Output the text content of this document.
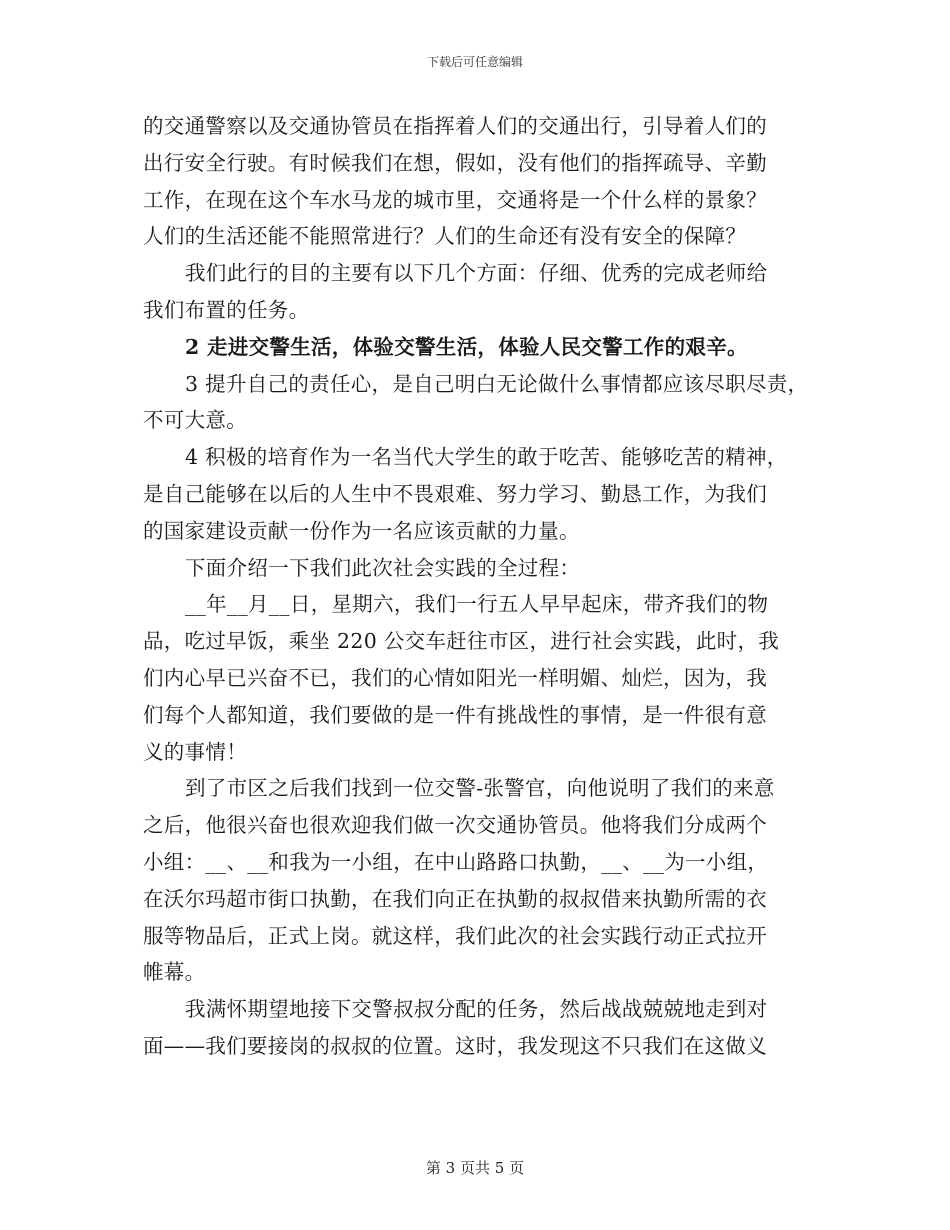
下载后可任意编辑
的交通警察以及交通协管员在指挥着人们的交通出行，引导着人们的
出行安全行驶。有时候我们在想，假如，没有他们的指挥疏导、辛勤
工作，在现在这个车水马龙的城市里，交通将是一个什么样的景象？
人们的生活还能不能照常进行？人们的生命还有没有安全的保障？
我们此行的目的主要有以下几个方面：仔细、优秀的完成老师给
我们布置的任务。
2 走进交警生活，体验交警生活，体验人民交警工作的艰辛。
3 提升自己的责任心，是自己明白无论做什么事情都应该尽职尽责，
不可大意。
4 积极的培育作为一名当代大学生的敢于吃苦、能够吃苦的精神，
是自己能够在以后的人生中不畏艰难、努力学习、勤恳工作，为我们
的国家建设贡献一份作为一名应该贡献的力量。
下面介绍一下我们此次社会实践的全过程：
__年__月__日，星期六，我们一行五人早早起床，带齐我们的物
品，吃过早饭，乘坐 220 公交车赶往市区，进行社会实践，此时，我
们内心早已兴奋不已，我们的心情如阳光一样明媚、灿烂，因为，我
们每个人都知道，我们要做的是一件有挑战性的事情，是一件很有意
义的事情！
到了市区之后我们找到一位交警-张警官，向他说明了我们的来意
之后，他很兴奋也很欢迎我们做一次交通协管员。他将我们分成两个
小组：__、__和我为一小组，在中山路路口执勤，__、__为一小组，
在沃尔玛超市街口执勤，在我们向正在执勤的叔叔借来执勤所需的衣
服等物品后，正式上岗。就这样，我们此次的社会实践行动正式拉开
帷幕。
我满怀期望地接下交警叔叔分配的任务，然后战战兢兢地走到对
面——我们要接岗的叔叔的位置。这时，我发现这不只我们在这做义
第 3 页共 5 页
